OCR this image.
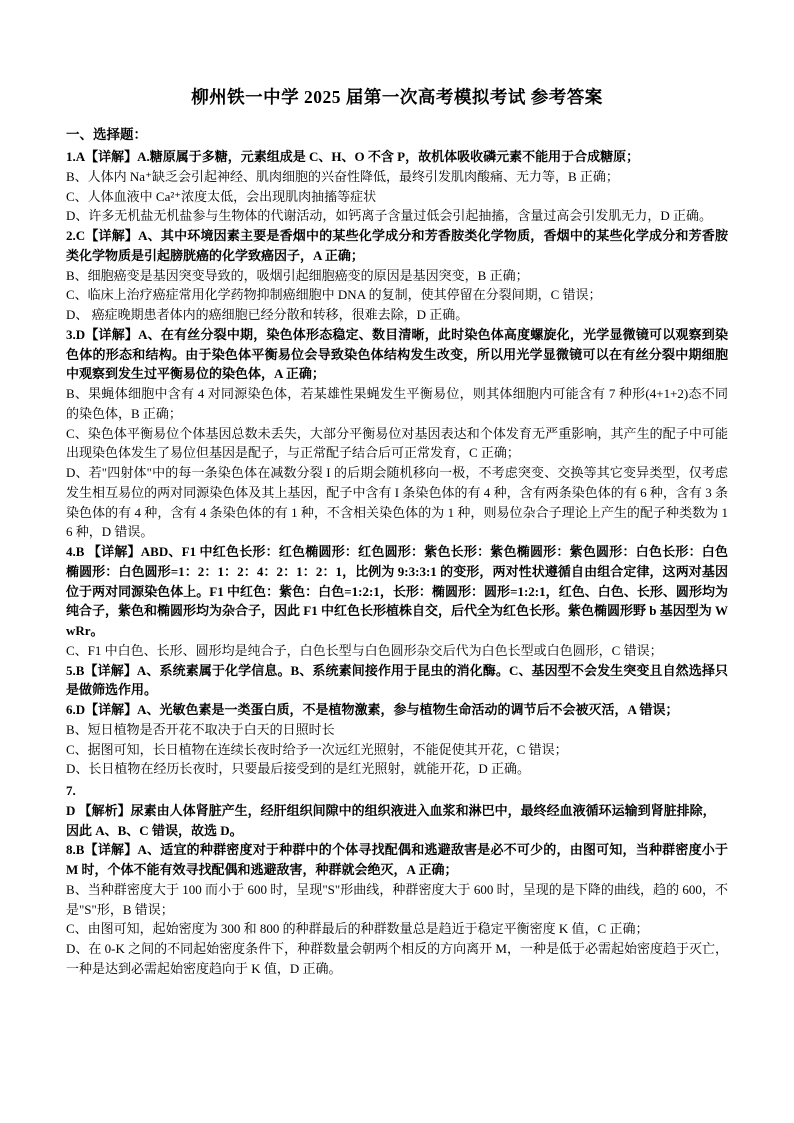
柳州铁一中学 2025 届第一次高考模拟考试 参考答案
一、选择题：

1.A【详解】A.糖原属于多糖，元素组成是 C、H、O 不含 P，故机体吸收磷元素不能用于合成糖原；

B、人体内 Na⁺缺乏会引起神经、肌肉细胞的兴奋性降低，最终引发肌肉酸痛、无力等，B 正确；

C、人体血液中 Ca²⁺浓度太低，会出现肌肉抽搐等症状

D、许多无机盐无机盐参与生物体的代谢活动，如钙离子含量过低会引起抽搐，含量过高会引发肌无力，D 正确。

2.C【详解】A、其中环境因素主要是香烟中的某些化学成分和芳香胺类化学物质，香烟中的某些化学成分和芳香胺类化学物质是引起膀胱癌的化学致癌因子，A 正确；

B、细胞癌变是基因突变导致的，吸烟引起细胞癌变的原因是基因突变，B 正确；

C、临床上治疗癌症常用化学药物抑制癌细胞中 DNA 的复制，使其停留在分裂间期，C 错误；

D、 癌症晚期患者体内的癌细胞已经分散和转移，很难去除，D 正确。

3.D【详解】A、在有丝分裂中期，染色体形态稳定、数目清晰，此时染色体高度螺旋化，光学显微镜可以观察到染色体的形态和结构。由于染色体平衡易位会导致染色体结构发生改变，所以用光学显微镜可以在有丝分裂中期细胞中观察到发生过平衡易位的染色体，A 正确；

B、果蝇体细胞中含有 4 对同源染色体，若某雄性果蝇发生平衡易位，则其体细胞内可能含有 7 种形(4+1+2)态不同的染色体，B 正确；

C、染色体平衡易位个体基因总数未丢失，大部分平衡易位对基因表达和个体发育无严重影响，其产生的配子中可能出现染色体发生了易位但基因是配子，与正常配子结合后可正常发育，C 正确；

D、若"四射体"中的每一条染色体在减数分裂 I 的后期会随机移向一极，不考虑突变、交换等其它变异类型，仅考虑发生相互易位的两对同源染色体及其上基因，配子中含有 I 条染色体的有 4 种，含有两条染色体的有 6 种，含有 3 条染色体的有 4 种，含有 4 条染色体的有 1 种，不含相关染色体的为 1 种，则易位杂合子理论上产生的配子种类数为 16 种，D 错误。

4.B 【详解】ABD、F1 中红色长形：红色椭圆形：红色圆形：紫色长形：紫色椭圆形：紫色圆形：白色长形：白色椭圆形：白色圆形=1：2：1：2：4：2：1：2：1，比例为 9:3:3:1 的变形，两对性状遵循自由组合定律，这两对基因位于两对同源染色体上。F1 中红色：紫色：白色=1:2:1，长形：椭圆形：圆形=1:2:1，红色、白色、长形、圆形均为纯合子，紫色和椭圆形均为杂合子，因此 F1 中红色长形植株自交，后代全为红色长形。紫色椭圆形野 b 基因型为 WwRr。

C、F1 中白色、长形、圆形均是纯合子，白色长型与白色圆形杂交后代为白色长型或白色圆形，C 错误；

5.B【详解】A、系统素属于化学信息。B、系统素间接作用于昆虫的消化酶。C、基因型不会发生突变且自然选择只是做筛选作用。

6.D【详解】A、光敏色素是一类蛋白质，不是植物激素，参与植物生命活动的调节后不会被灭活，A 错误；

B、短日植物是否开花不取决于白天的日照时长

C、据图可知，长日植物在连续长夜时给予一次远红光照射，不能促使其开花，C 错误；

D、长日植物在经历长夜时，只要最后接受到的是红光照射，就能开花，D 正确。

7.

D 【解析】尿素由人体肾脏产生，经肝组织间隙中的组织液进入血浆和淋巴中，最终经血液循环运输到肾脏排除，因此 A、B、C 错误，故选 D。

8.B【详解】A、适宜的种群密度对于种群中的个体寻找配偶和逃避敌害是必不可少的，由图可知，当种群密度小于 M 时，个体不能有效寻找配偶和逃避敌害，种群就会绝灭，A 正确；

B、当种群密度大于 100 而小于 600 时，呈现"S"形曲线，种群密度大于 600 时，呈现的是下降的曲线，趋的 600，不是"S"形，B 错误；

C、由图可知，起始密度为 300 和 800 的种群最后的种群数量总是趋近于稳定平衡密度 K 值，C 正确；

D、在 0-K 之间的不同起始密度条件下，种群数量会朝两个相反的方向离开 M，一种是低于必需起始密度趋于灭亡，一种是达到必需起始密度趋向于 K 值，D 正确。
